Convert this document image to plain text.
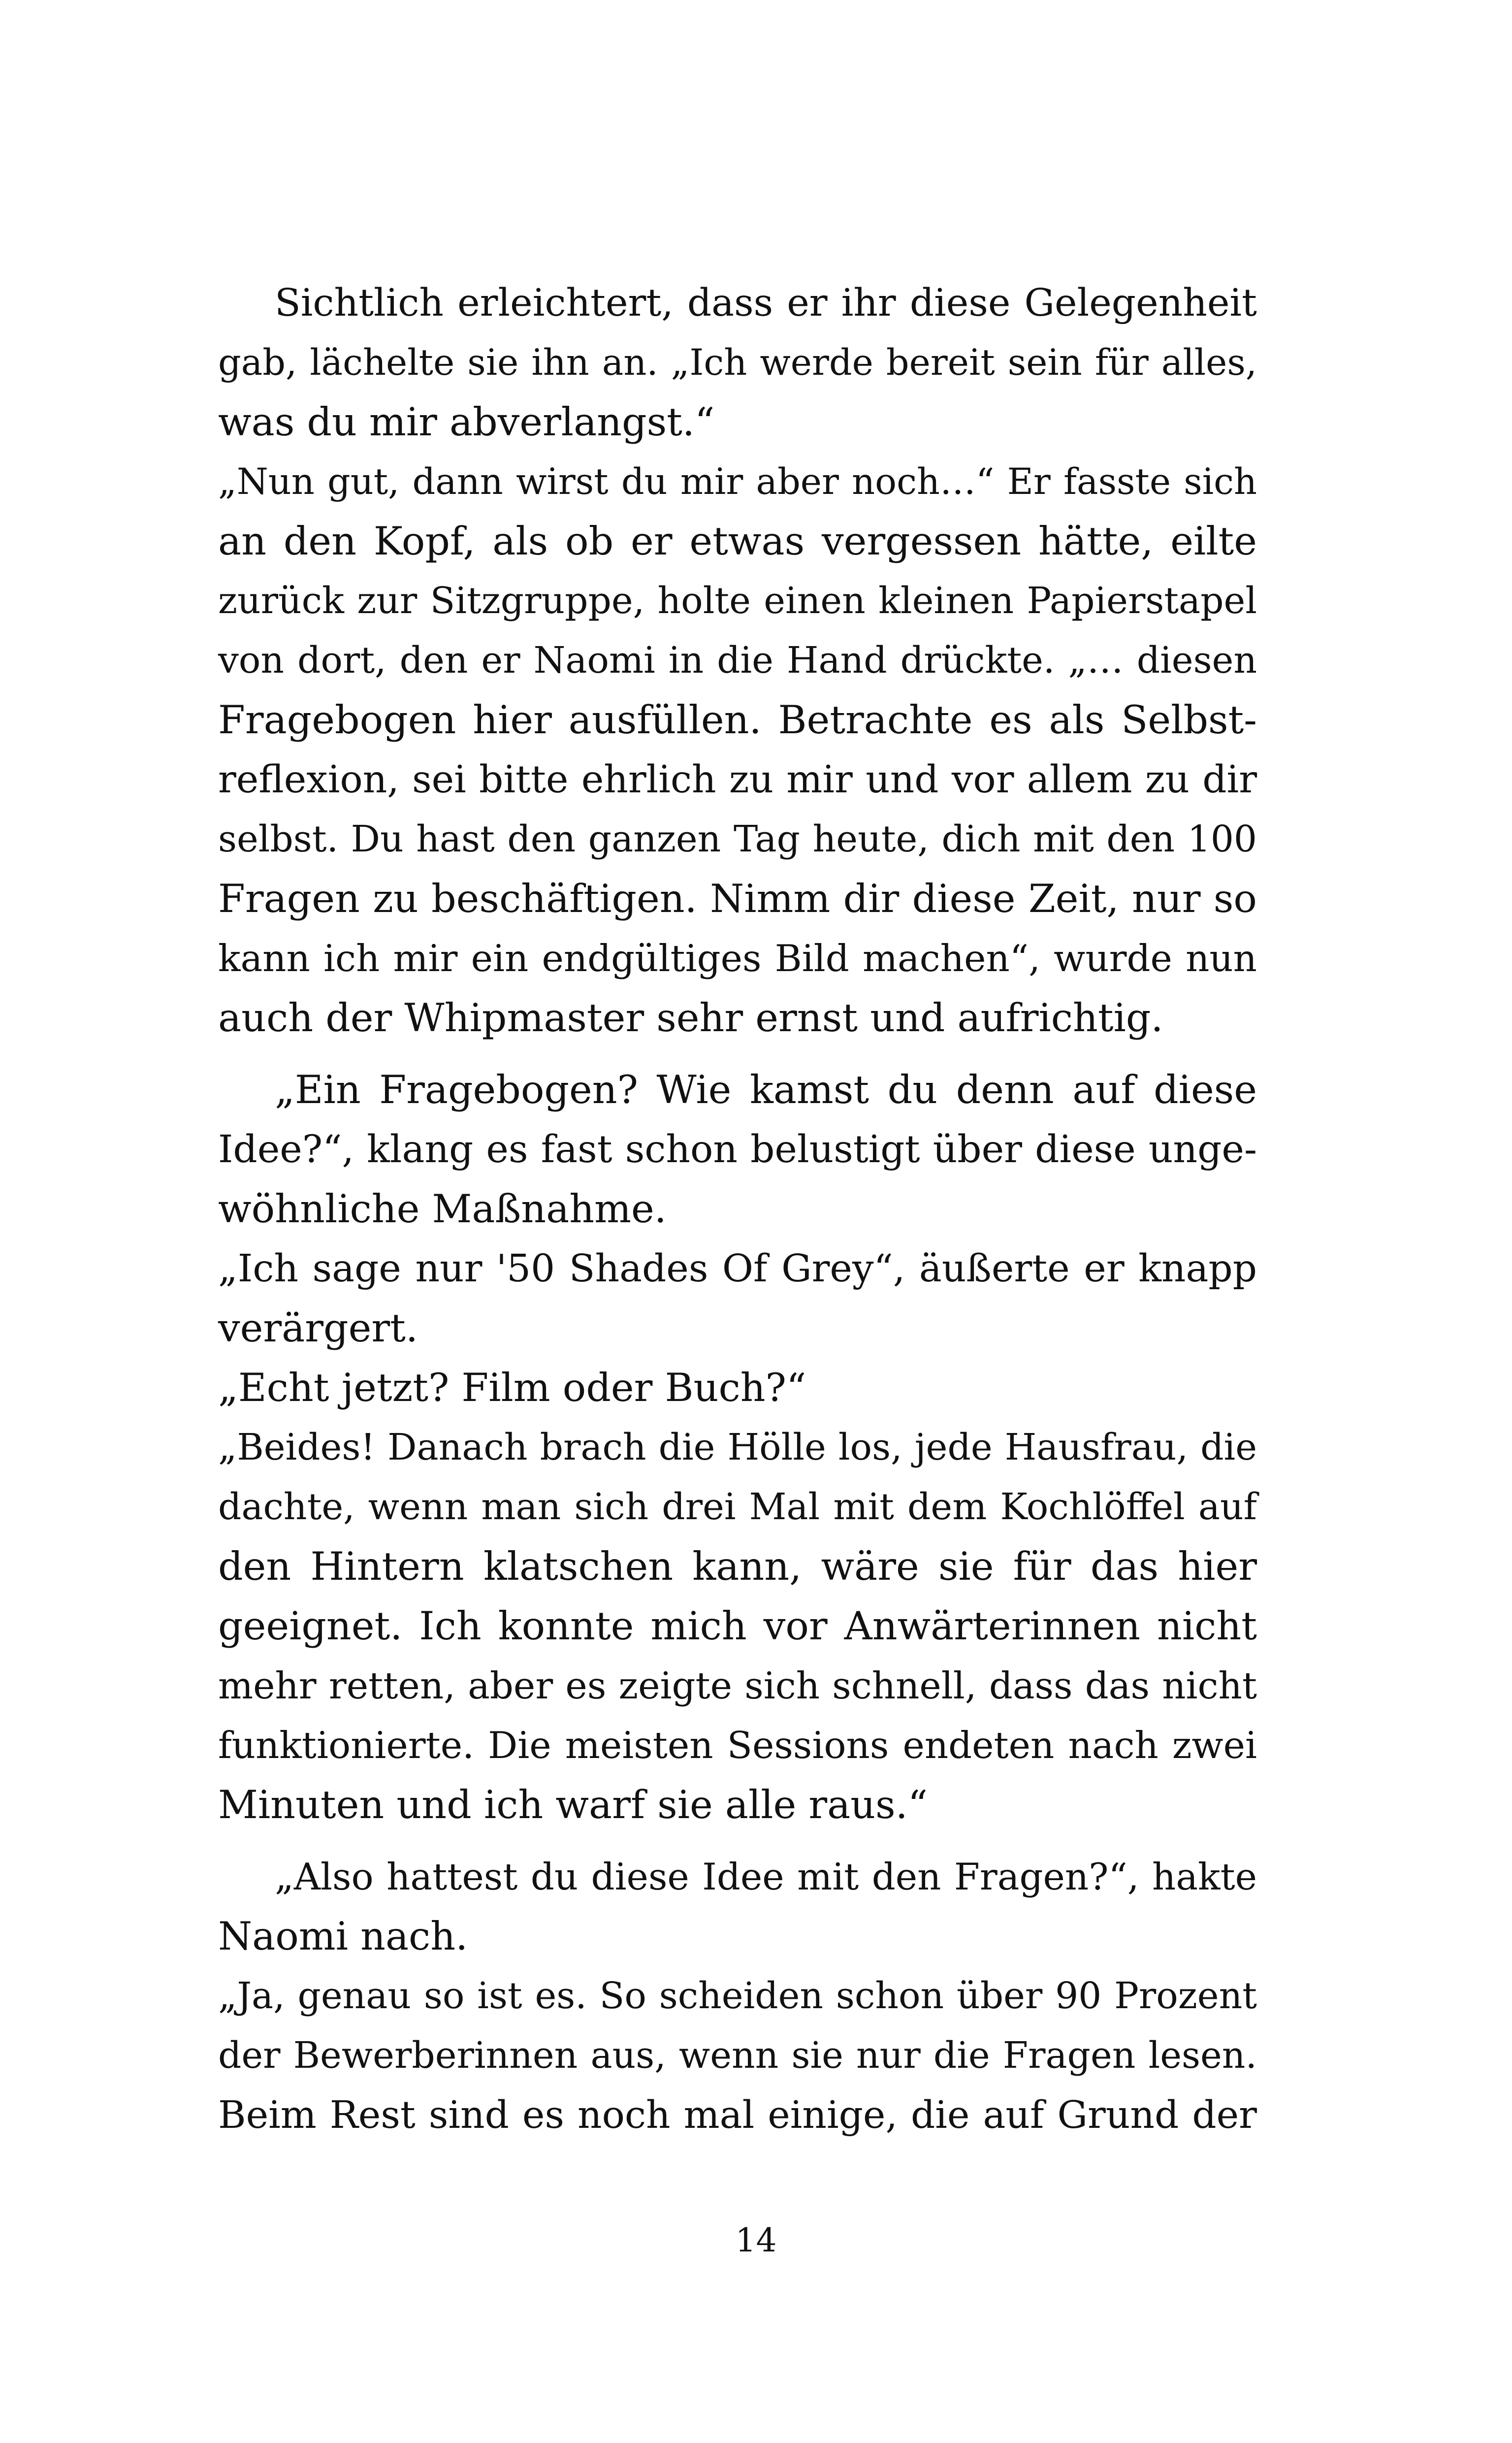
Sichtlich erleichtert, dass er ihr diese Gelegenheit
gab, lächelte sie ihn an. „Ich werde bereit sein für alles,
was du mir abverlangst.“

„Nun gut, dann wirst du mir aber noch…“ Er fasste sich
an den Kopf, als ob er etwas vergessen hätte, eilte
zurück zur Sitzgruppe, holte einen kleinen Papierstapel
von dort, den er Naomi in die Hand drückte. „… diesen
Fragebogen hier ausfüllen. Betrachte es als Selbst-
reflexion, sei bitte ehrlich zu mir und vor allem zu dir
selbst. Du hast den ganzen Tag heute, dich mit den 100
Fragen zu beschäftigen. Nimm dir diese Zeit, nur so
kann ich mir ein endgültiges Bild machen“, wurde nun
auch der Whipmaster sehr ernst und aufrichtig.

„Ein Fragebogen? Wie kamst du denn auf diese
Idee?“, klang es fast schon belustigt über diese unge-
wöhnliche Maßnahme.

„Ich sage nur '50 Shades Of Grey“, äußerte er knapp
verärgert.

„Echt jetzt? Film oder Buch?“

„Beides! Danach brach die Hölle los, jede Hausfrau, die
dachte, wenn man sich drei Mal mit dem Kochlöffel auf
den Hintern klatschen kann, wäre sie für das hier
geeignet. Ich konnte mich vor Anwärterinnen nicht
mehr retten, aber es zeigte sich schnell, dass das nicht
funktionierte. Die meisten Sessions endeten nach zwei
Minuten und ich warf sie alle raus.“

„Also hattest du diese Idee mit den Fragen?“, hakte
Naomi nach.

„Ja, genau so ist es. So scheiden schon über 90 Prozent
der Bewerberinnen aus, wenn sie nur die Fragen lesen.
Beim Rest sind es noch mal einige, die auf Grund der

14
